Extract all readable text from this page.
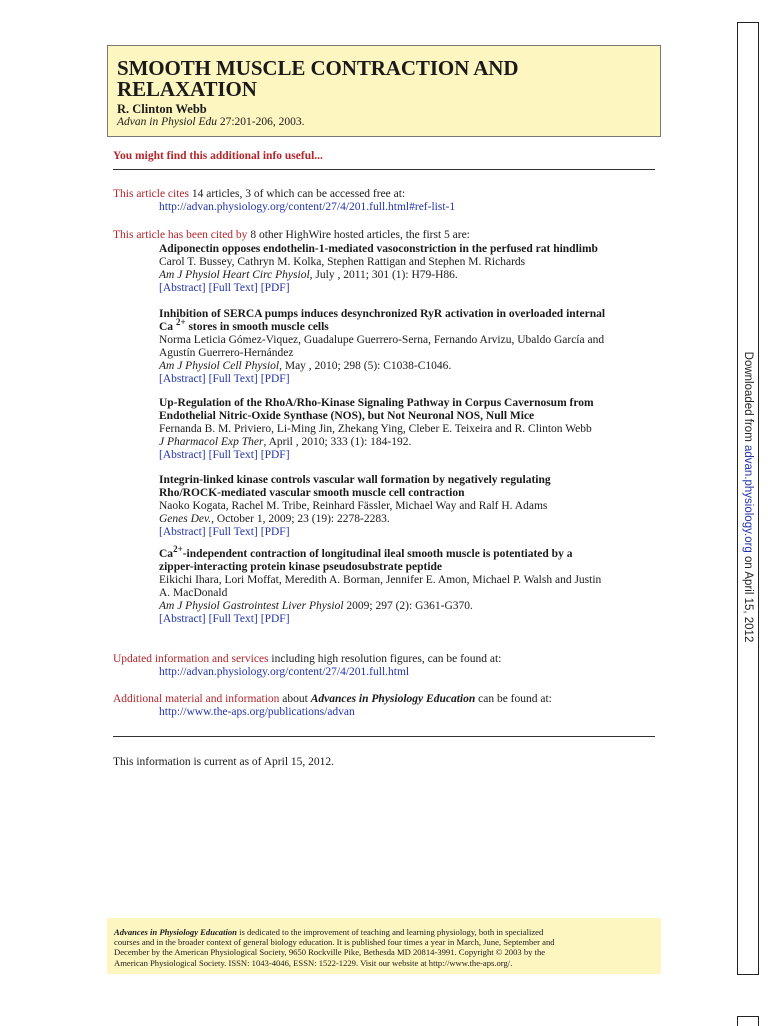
SMOOTH MUSCLE CONTRACTION AND
RELAXATION
R. Clinton Webb
Advan in Physiol Edu 27:201-206, 2003.
You might find this additional info useful...
This article cites 14 articles, 3 of which can be accessed free at:
http://advan.physiology.org/content/27/4/201.full.html#ref-list-1
This article has been cited by 8 other HighWire hosted articles, the first 5 are:
Adiponectin opposes endothelin-1-mediated vasoconstriction in the perfused rat hindlimb
Carol T. Bussey, Cathryn M. Kolka, Stephen Rattigan and Stephen M. Richards
Am J Physiol Heart Circ Physiol, July , 2011; 301 (1): H79-H86.
[Abstract] [Full Text] [PDF]
Inhibition of SERCA pumps induces desynchronized RyR activation in overloaded internal
Ca $^{2+}$ stores in smooth muscle cells
Norma Leticia Gómez-Viquez, Guadalupe Guerrero-Serna, Fernando Arvizu, Ubaldo García and
Agustín Guerrero-Hernández
Am J Physiol Cell Physiol, May , 2010; 298 (5): C1038-C1046.
[Abstract] [Full Text] [PDF]
Up-Regulation of the RhoA/Rho-Kinase Signaling Pathway in Corpus Cavernosum from
Endothelial Nitric-Oxide Synthase (NOS), but Not Neuronal NOS, Null Mice
Fernanda B. M. Priviero, Li-Ming Jin, Zhekang Ying, Cleber E. Teixeira and R. Clinton Webb
J Pharmacol Exp Ther, April , 2010; 333 (1): 184-192.
[Abstract] [Full Text] [PDF]
Integrin-linked kinase controls vascular wall formation by negatively regulating
Rho/ROCK-mediated vascular smooth muscle cell contraction
Naoko Kogata, Rachel M. Tribe, Reinhard Fässler, Michael Way and Ralf H. Adams
Genes Dev., October 1, 2009; 23 (19): 2278-2283.
[Abstract] [Full Text] [PDF]
$Ca^{2+}$-independent contraction of longitudinal ileal smooth muscle is potentiated by a
zipper-interacting protein kinase pseudosubstrate peptide
Eikichi Ihara, Lori Moffat, Meredith A. Borman, Jennifer E. Amon, Michael P. Walsh and Justin
A. MacDonald
Am J Physiol Gastrointest Liver Physiol 2009; 297 (2): G361-G370.
[Abstract] [Full Text] [PDF]
Updated information and services including high resolution figures, can be found at:
http://advan.physiology.org/content/27/4/201.full.html
Additional material and information about Advances in Physiology Education can be found at:
http://www.the-aps.org/publications/advan
This information is current as of April 15, 2012.
Advances in Physiology Education is dedicated to the improvement of teaching and learning physiology, both in specialized
courses and in the broader context of general biology education. It is published four times a year in March, June, September and
December by the American Physiological Society, 9650 Rockville Pike, Bethesda MD 20814-3991. Copyright © 2003 by the
American Physiological Society. ISSN: 1043-4046, ESSN: 1522-1229. Visit our website at http://www.the-aps.org/.
Downloaded from advan.physiology.org on April 15, 2012
